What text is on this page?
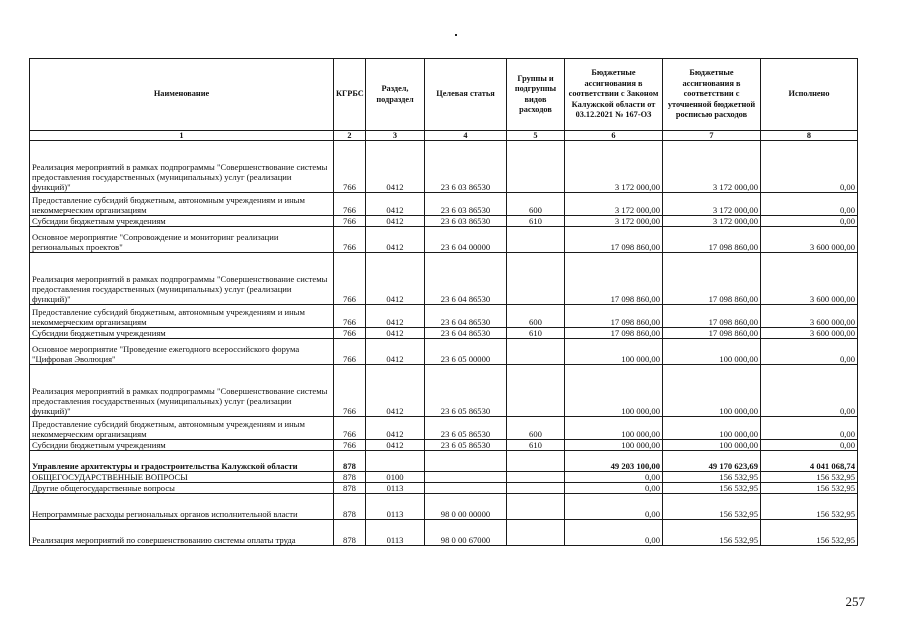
Наименование	КГРБС	Раздел, подраздел	Целевая статья	Группы и подгруппы видов расходов	Бюджетные ассигнования в соответствии с Законом Калужской области от 03.12.2021 № 167-ОЗ	Бюджетные ассигнования в соответствии с уточненной бюджетной росписью расходов	Исполнено
1	2	3	4	5	6	7	8
Реализация мероприятий в рамках подпрограммы "Совершенствование системы предоставления государственных (муниципальных) услуг (реализации функций)"	766	0412	23 6 03 86530		3 172 000,00	3 172 000,00	0,00
Предоставление субсидий бюджетным, автономным учреждениям и иным некоммерческим организациям	766	0412	23 6 03 86530	600	3 172 000,00	3 172 000,00	0,00
Субсидии бюджетным учреждениям	766	0412	23 6 03 86530	610	3 172 000,00	3 172 000,00	0,00
Основное мероприятие "Сопровождение и мониторинг реализации региональных проектов"	766	0412	23 6 04 00000		17 098 860,00	17 098 860,00	3 600 000,00
Реализация мероприятий в рамках подпрограммы "Совершенствование системы предоставления государственных (муниципальных) услуг (реализации функций)"	766	0412	23 6 04 86530		17 098 860,00	17 098 860,00	3 600 000,00
Предоставление субсидий бюджетным, автономным учреждениям и иным некоммерческим организациям	766	0412	23 6 04 86530	600	17 098 860,00	17 098 860,00	3 600 000,00
Субсидии бюджетным учреждениям	766	0412	23 6 04 86530	610	17 098 860,00	17 098 860,00	3 600 000,00
Основное мероприятие "Проведение ежегодного всероссийского форума "Цифровая Эволюция"	766	0412	23 6 05 00000		100 000,00	100 000,00	0,00
Реализация мероприятий в рамках подпрограммы "Совершенствование системы предоставления государственных (муниципальных) услуг (реализации функций)"	766	0412	23 6 05 86530		100 000,00	100 000,00	0,00
Предоставление субсидий бюджетным, автономным учреждениям и иным некоммерческим организациям	766	0412	23 6 05 86530	600	100 000,00	100 000,00	0,00
Субсидии бюджетным учреждениям	766	0412	23 6 05 86530	610	100 000,00	100 000,00	0,00
Управление архитектуры и градостроительства Калужской области	878				49 203 100,00	49 170 623,69	4 041 068,74
ОБЩЕГОСУДАРСТВЕННЫЕ ВОПРОСЫ	878	0100			0,00	156 532,95	156 532,95
Другие общегосударственные вопросы	878	0113			0,00	156 532,95	156 532,95
Непрограммные расходы региональных органов исполнительной власти	878	0113	98 0 00 00000		0,00	156 532,95	156 532,95
Реализация мероприятий по совершенствованию системы оплаты труда	878	0113	98 0 00 67000		0,00	156 532,95	156 532,95
257
